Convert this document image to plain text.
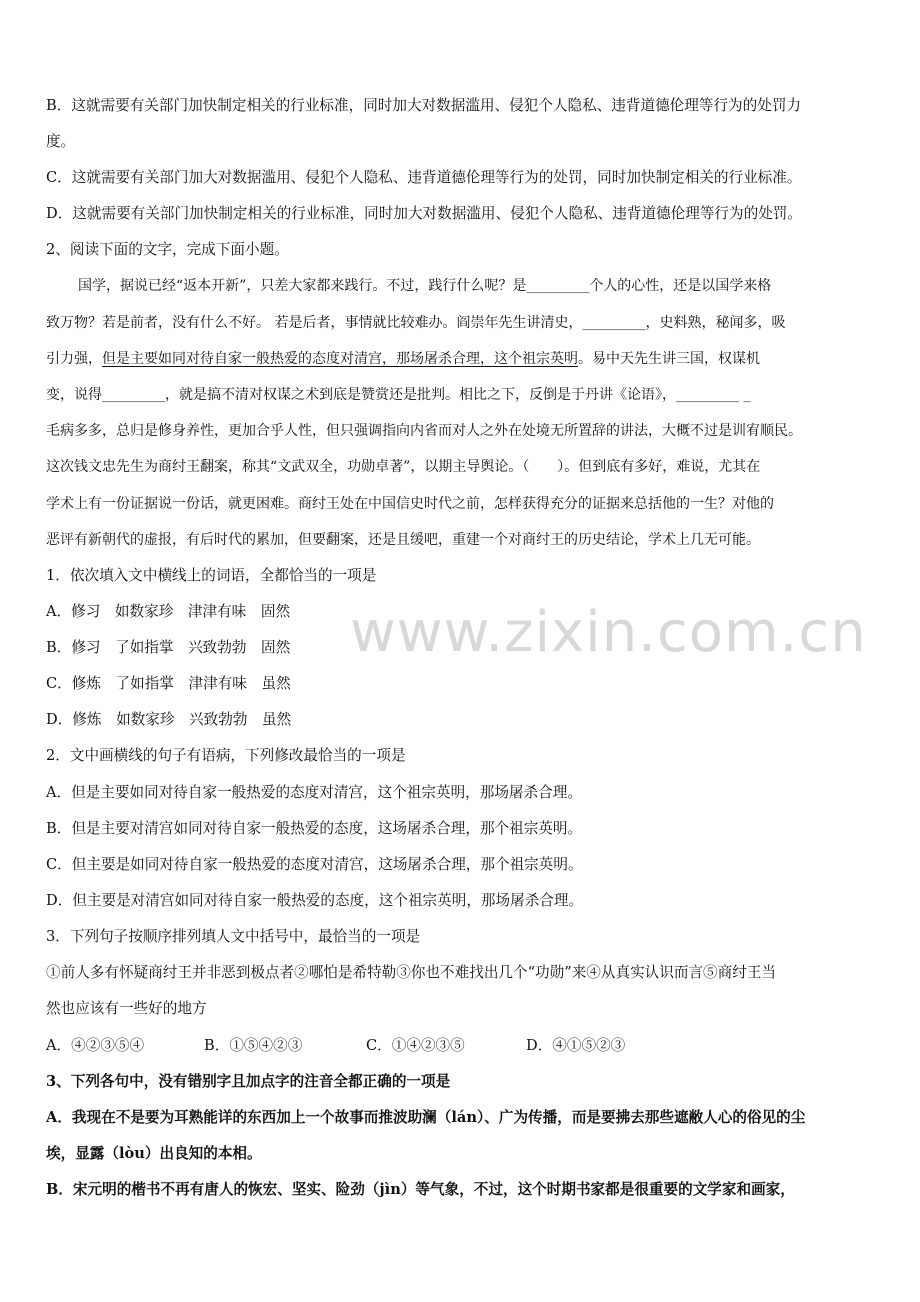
www.zixin.com.cn
B．这就需要有关部门加快制定相关的行业标准，同时加大对数据滥用、侵犯个人隐私、违背道德伦理等行为的处罚力
度。
C．这就需要有关部门加大对数据滥用、侵犯个人隐私、违背道德伦理等行为的处罚，同时加快制定相关的行业标准。
D．这就需要有关部门加快制定相关的行业标准，同时加大对数据滥用、侵犯个人隐私、违背道德伦理等行为的处罚。
2、阅读下面的文字，完成下面小题。
国学，据说已经“返本开新”，只差大家都来践行。不过，践行什么呢？是_________个人的心性，还是以国学来格
致万物？若是前者，没有什么不好。 若是后者，事情就比较难办。阎崇年先生讲清史，_________，史料熟，秘闻多，吸
引力强，但是主要如同对待自家一般热爱的态度对清宫，那场屠杀合理，这个祖宗英明。易中天先生讲三国，权谋机
变，说得_________，就是搞不清对权谋之术到底是赞赏还是批判。相比之下，反倒是于丹讲《论语》，_________ _
毛病多多，总归是修身养性，更加合乎人性，但只强调指向内省而对人之外在处境无所置辞的讲法，大概不过是训宥顺民。
这次钱文忠先生为商纣王翻案，称其“文武双全，功勋卓著”，以期主导舆论。（　　）。但到底有多好，难说，尤其在
学术上有一份证据说一份话，就更困难。商纣王处在中国信史时代之前，怎样获得充分的证据来总括他的一生？对他的
恶评有新朝代的虚报，有后时代的累加，但要翻案，还是且缓吧，重建一个对商纣王的历史结论，学术上几无可能。
1．依次填入文中横线上的词语，全都恰当的一项是
A．修习　如数家珍　津津有味　固然
B．修习　了如指掌　兴致勃勃　固然
C．修炼　了如指掌　津津有味　虽然
D．修炼　如数家珍　兴致勃勃　虽然
2．文中画横线的句子有语病，下列修改最恰当的一项是
A．但是主要如同对待自家一般热爱的态度对清宫，这个祖宗英明，那场屠杀合理。
B．但是主要对清宫如同对待自家一般热爱的态度，这场屠杀合理，那个祖宗英明。
C．但主要是如同对待自家一般热爱的态度对清宫，这场屠杀合理，那个祖宗英明。
D．但主要是对清宫如同对待自家一般热爱的态度，这个祖宗英明，那场屠杀合理。
3．下列句子按顺序排列填人文中括号中，最恰当的一项是
①前人多有怀疑商纣王并非恶到极点者②哪怕是希特勒③你也不难找出几个“功勋”来④从真实认识而言⑤商纣王当
然也应该有一些好的地方
A．④②③⑤④	B．①⑤④②③	C．①④②③⑤	D．④①⑤②③
3、下列各句中，没有错别字且加点字的注音全都正确的一项是
A．我现在不是要为耳熟能详的东西加上一个故事而推波助澜（lán）、广为传播，而是要拂去那些遮敝人心的俗见的尘
埃，显露（lòu）出良知的本相。
B．宋元明的楷书不再有唐人的恢宏、坚实、险劲（jìn）等气象，不过，这个时期书家都是很重要的文学家和画家，
